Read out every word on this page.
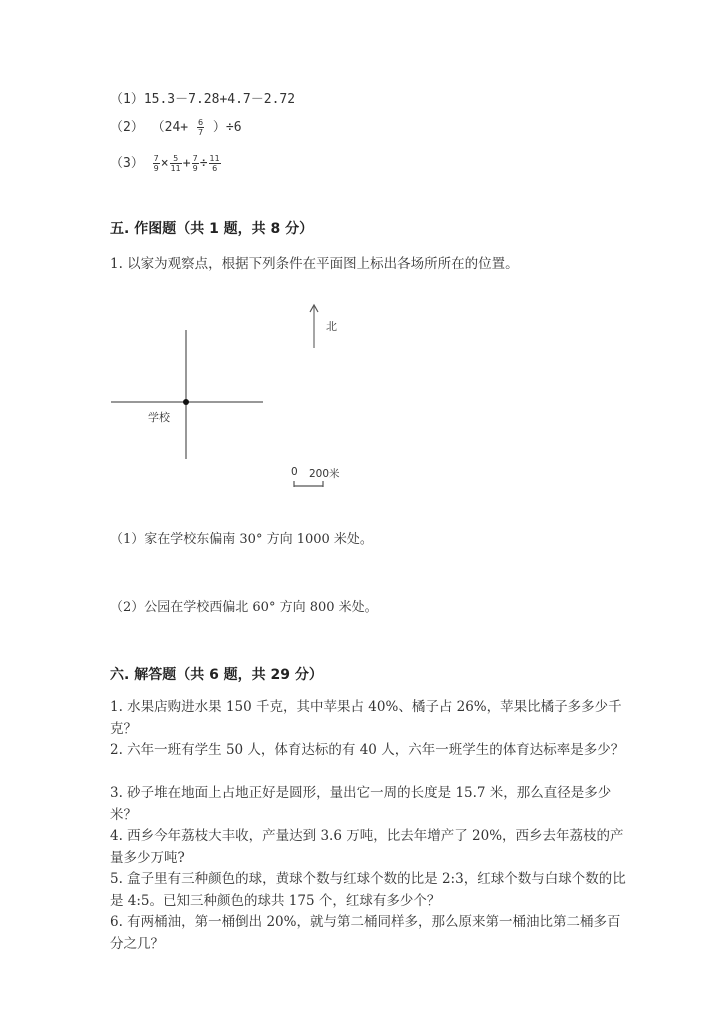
（1）15.3－7.28+4.7－2.72
（2） $(24+ \frac{6}{7} )\div 6$
$(3) \frac{7}{9} \times \frac{5}{11} + \frac{7}{9} \div \frac{11}{6}$
五. 作图题（共 1 题，共 8 分）
1. 以家为观察点，根据下列条件在平面图上标出各场所所在的位置。
学校
北
0 200米
（1）家在学校东偏南 30° 方向 1000 米处。
（2）公园在学校西偏北 60° 方向 800 米处。
六. 解答题（共 6 题，共 29 分）
1. 水果店购进水果 150 千克，其中苹果占 40%、橘子占 26%，苹果比橘子多多少千克？
2. 六年一班有学生 50 人，体育达标的有 40 人，六年一班学生的体育达标率是多少？
3. 砂子堆在地面上占地正好是圆形，量出它一周的长度是 15.7 米，那么直径是多少米？
4. 西乡今年荔枝大丰收，产量达到 3.6 万吨，比去年增产了 20%，西乡去年荔枝的产量多少万吨?
5. 盒子里有三种颜色的球，黄球个数与红球个数的比是 2:3，红球个数与白球个数的比是 4:5。已知三种颜色的球共 175 个，红球有多少个？
6. 有两桶油，第一桶倒出 20%，就与第二桶同样多，那么原来第一桶油比第二桶多百分之几？
